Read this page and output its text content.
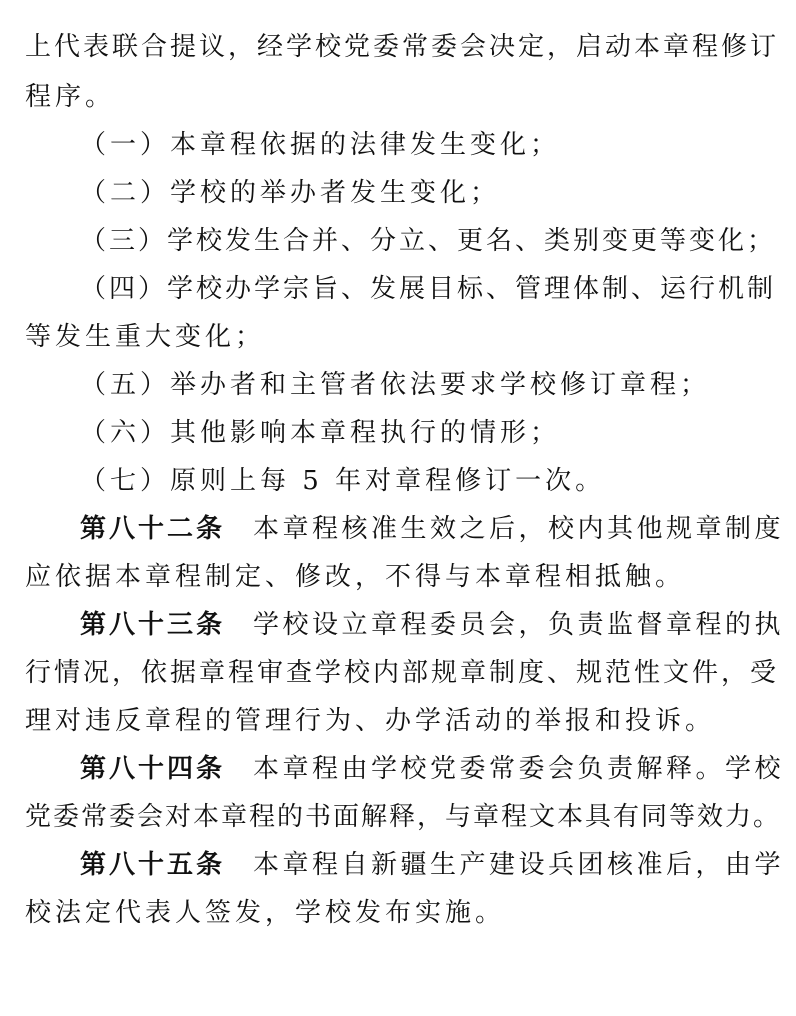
上代表联合提议，经学校党委常委会决定，启动本章程修订
程序。
（一）本章程依据的法律发生变化；
（二）学校的举办者发生变化；
（三）学校发生合并、分立、更名、类别变更等变化；
（四）学校办学宗旨、发展目标、管理体制、运行机制
等发生重大变化；
（五）举办者和主管者依法要求学校修订章程；
（六）其他影响本章程执行的情形；
（七）原则上每 5 年对章程修订一次。
第八十二条 本章程核准生效之后，校内其他规章制度
应依据本章程制定、修改，不得与本章程相抵触。
第八十三条 学校设立章程委员会，负责监督章程的执
行情况，依据章程审查学校内部规章制度、规范性文件，受
理对违反章程的管理行为、办学活动的举报和投诉。
第八十四条 本章程由学校党委常委会负责解释。学校
党委常委会对本章程的书面解释，与章程文本具有同等效力。
第八十五条 本章程自新疆生产建设兵团核准后，由学
校法定代表人签发，学校发布实施。
